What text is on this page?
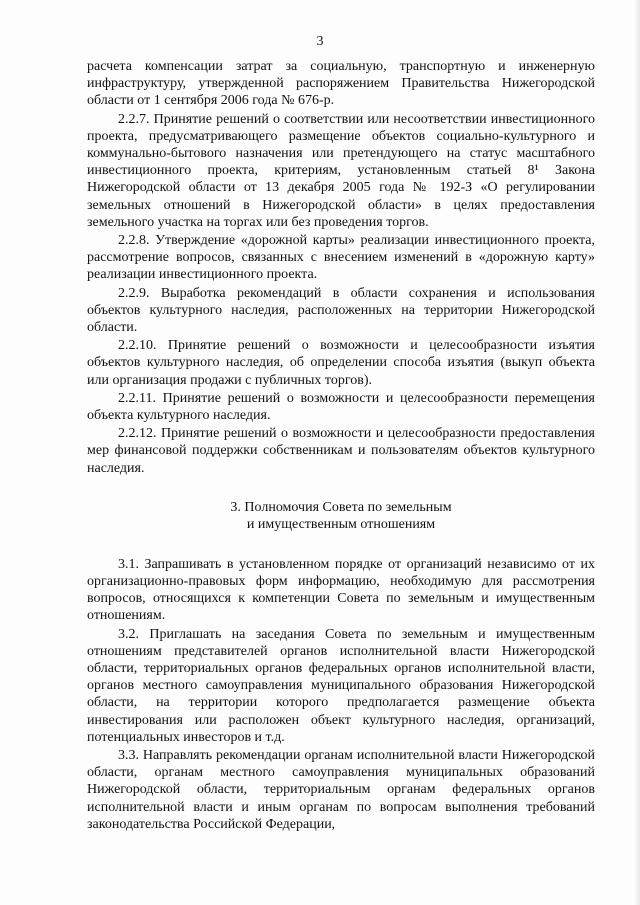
3

расчета компенсации затрат за социальную, транспортную и инженерную инфраструктуру, утвержденной распоряжением Правительства Нижегородской области от 1 сентября 2006 года № 676-р.

2.2.7. Принятие решений о соответствии или несоответствии инвестиционного проекта, предусматривающего размещение объектов социально-культурного и коммунально-бытового назначения или претендующего на статус масштабного инвестиционного проекта, критериям, установленным статьей 8¹ Закона Нижегородской области от 13 декабря 2005 года № 192-З «О регулировании земельных отношений в Нижегородской области» в целях предоставления земельного участка на торгах или без проведения торгов.

2.2.8. Утверждение «дорожной карты» реализации инвестиционного проекта, рассмотрение вопросов, связанных с внесением изменений в «дорожную карту» реализации инвестиционного проекта.

2.2.9. Выработка рекомендаций в области сохранения и использования объектов культурного наследия, расположенных на территории Нижегородской области.

2.2.10. Принятие решений о возможности и целесообразности изъятия объектов культурного наследия, об определении способа изъятия (выкуп объекта или организация продажи с публичных торгов).

2.2.11. Принятие решений о возможности и целесообразности перемещения объекта культурного наследия.

2.2.12. Принятие решений о возможности и целесообразности предоставления мер финансовой поддержки собственникам и пользователям объектов культурного наследия.

3. Полномочия Совета по земельным
и имущественным отношениям

3.1. Запрашивать в установленном порядке от организаций независимо от их организационно-правовых форм информацию, необходимую для рассмотрения вопросов, относящихся к компетенции Совета по земельным и имущественным отношениям.

3.2. Приглашать на заседания Совета по земельным и имущественным отношениям представителей органов исполнительной власти Нижегородской области, территориальных органов федеральных органов исполнительной власти, органов местного самоуправления муниципального образования Нижегородской области, на территории которого предполагается размещение объекта инвестирования или расположен объект культурного наследия, организаций, потенциальных инвесторов и т.д.

3.3. Направлять рекомендации органам исполнительной власти Нижегородской области, органам местного самоуправления муниципальных образований Нижегородской области, территориальным органам федеральных органов исполнительной власти и иным органам по вопросам выполнения требований законодательства Российской Федерации,
